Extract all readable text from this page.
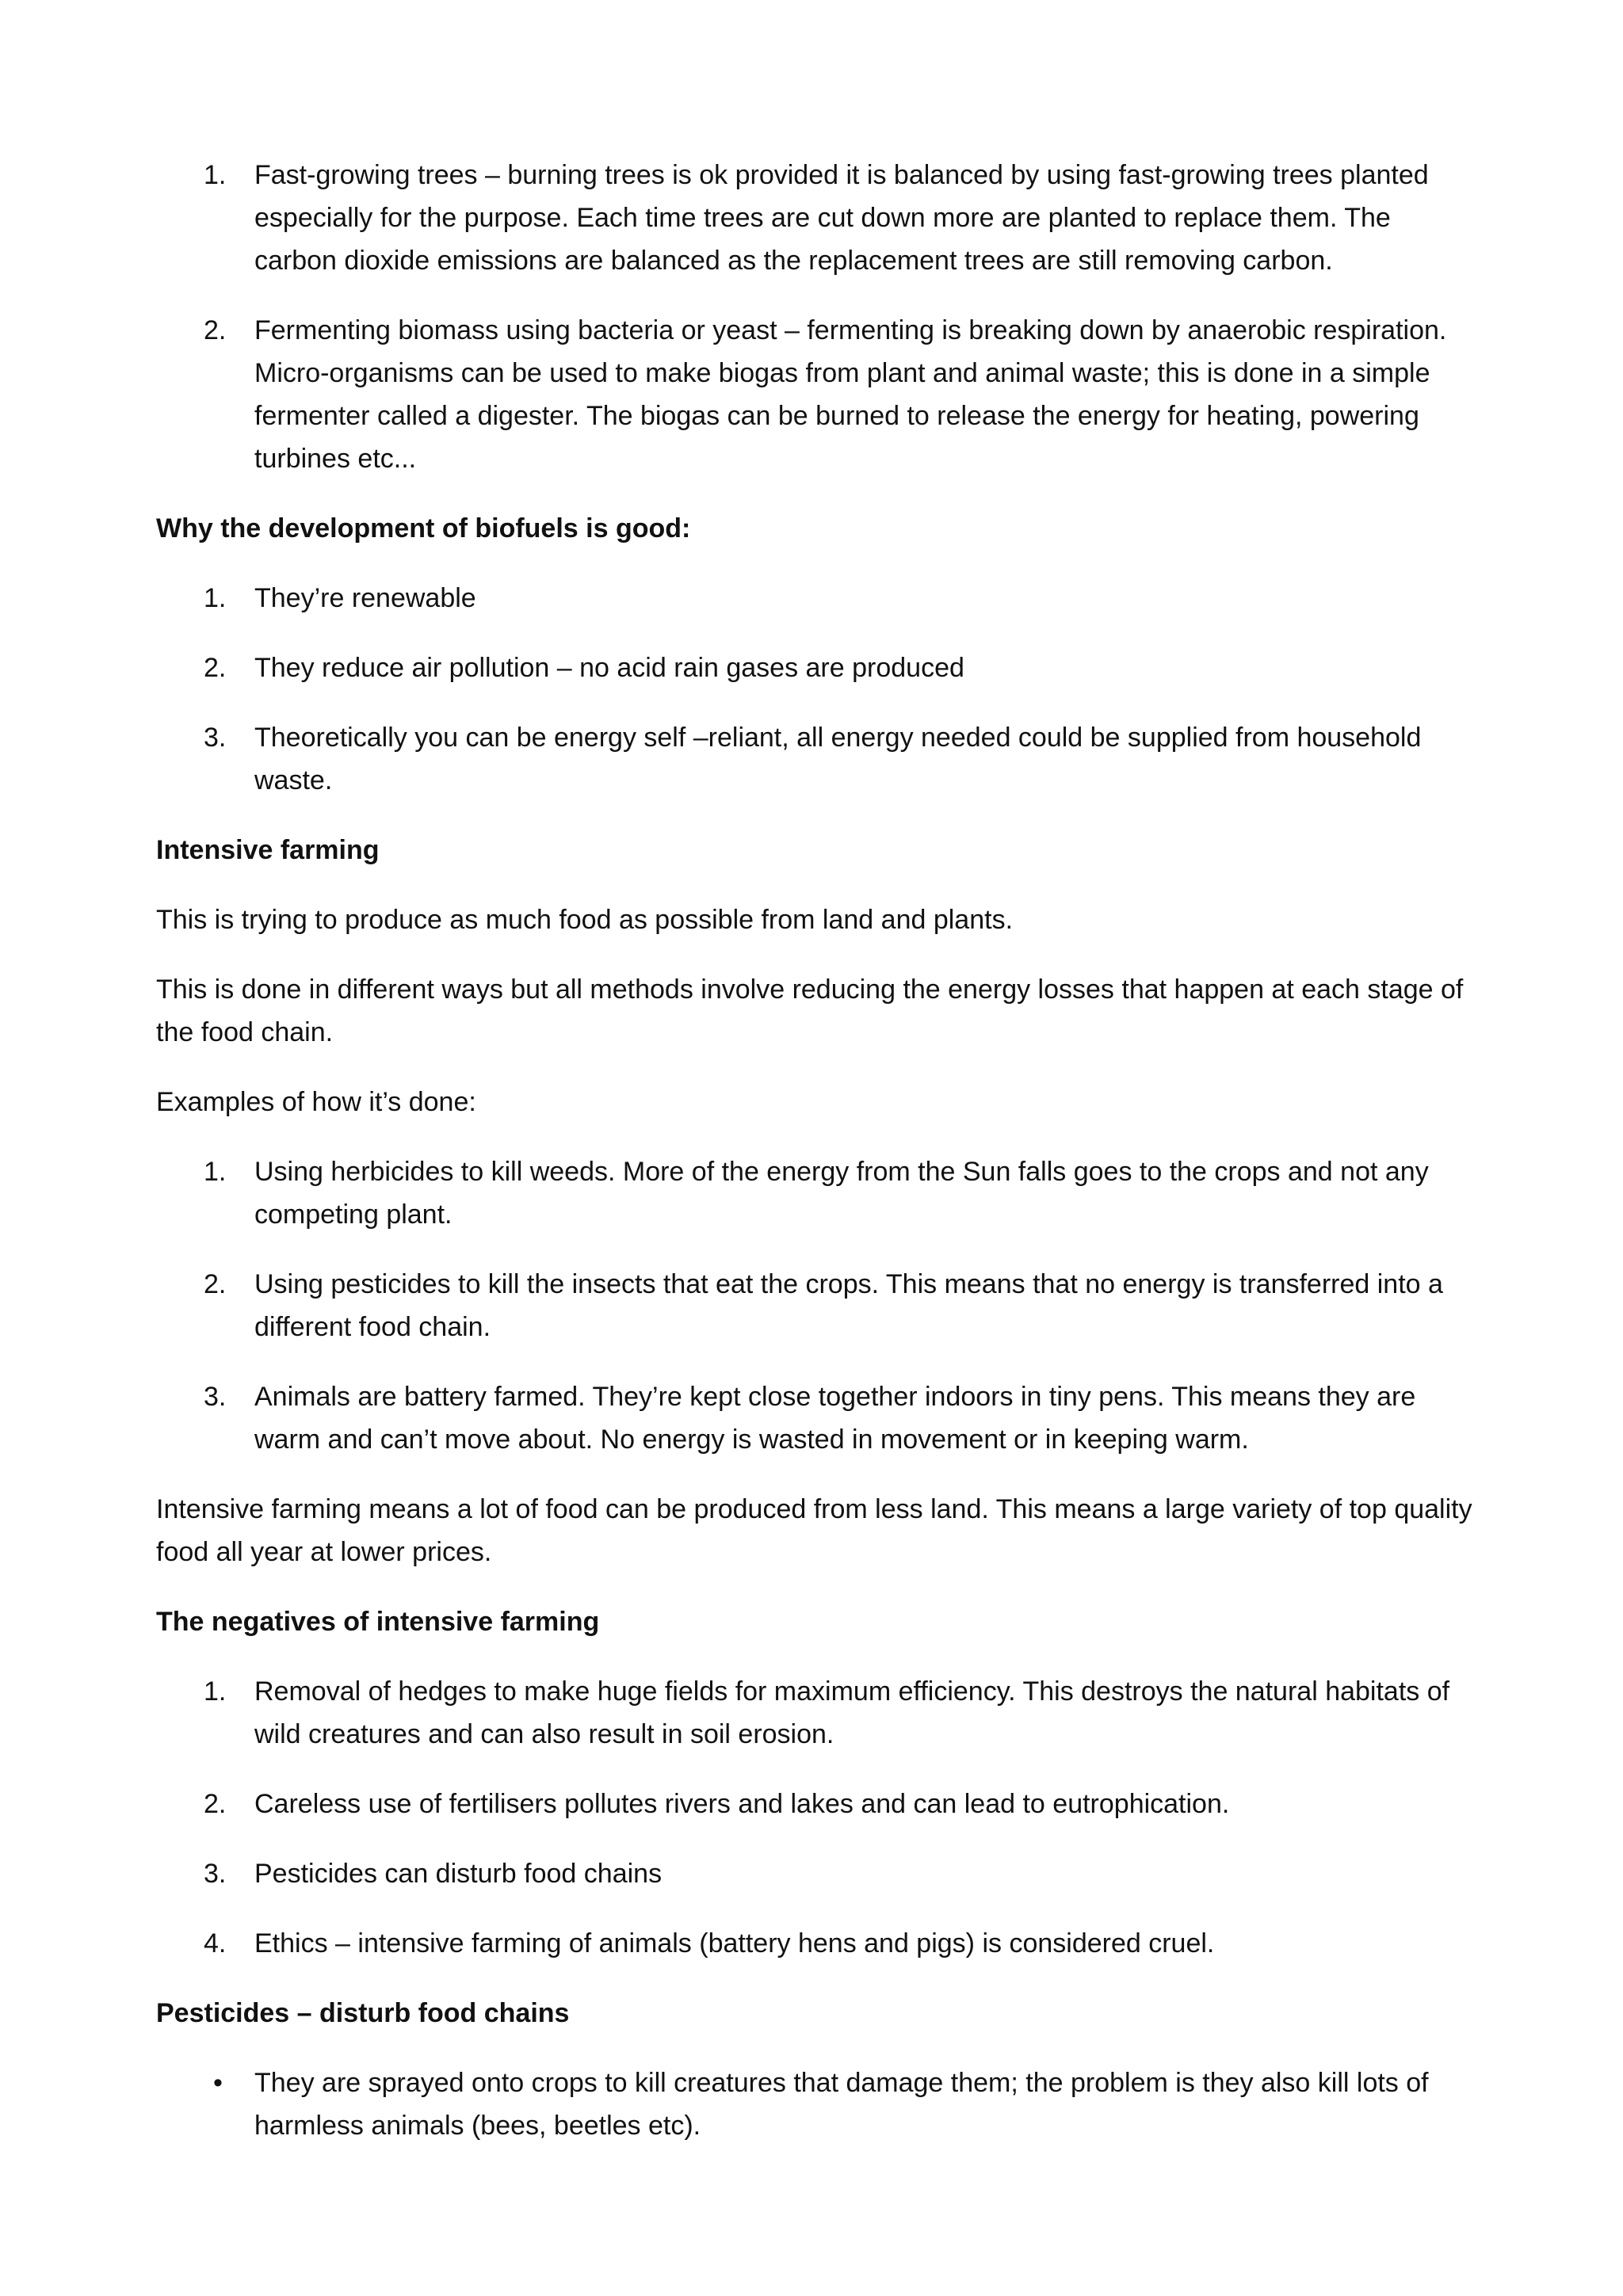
1.	Fast-growing trees – burning trees is ok provided it is balanced by using fast-growing trees planted especially for the purpose. Each time trees are cut down more are planted to replace them. The carbon dioxide emissions are balanced as the replacement trees are still removing carbon.
2.	Fermenting biomass using bacteria or yeast – fermenting is breaking down by anaerobic respiration. Micro-organisms can be used to make biogas from plant and animal waste; this is done in a simple fermenter called a digester. The biogas can be burned to release the energy for heating, powering turbines etc...

Why the development of biofuels is good:

1.	They’re renewable
2.	They reduce air pollution – no acid rain gases are produced
3.	Theoretically you can be energy self –reliant, all energy needed could be supplied from household waste.

Intensive farming

This is trying to produce as much food as possible from land and plants.

This is done in different ways but all methods involve reducing the energy losses that happen at each stage of the food chain.

Examples of how it’s done:

1.	Using herbicides to kill weeds. More of the energy from the Sun falls goes to the crops and not any competing plant.
2.	Using pesticides to kill the insects that eat the crops. This means that no energy is transferred into a different food chain.
3.	Animals are battery farmed. They’re kept close together indoors in tiny pens. This means they are warm and can’t move about. No energy is wasted in movement or in keeping warm.

Intensive farming means a lot of food can be produced from less land. This means a large variety of top quality food all year at lower prices.

The negatives of intensive farming

1.	Removal of hedges to make huge fields for maximum efficiency. This destroys the natural habitats of wild creatures and can also result in soil erosion.
2.	Careless use of fertilisers pollutes rivers and lakes and can lead to eutrophication.
3.	Pesticides can disturb food chains
4.	Ethics – intensive farming of animals (battery hens and pigs) is considered cruel.

Pesticides – disturb food chains

• They are sprayed onto crops to kill creatures that damage them; the problem is they also kill lots of harmless animals (bees, beetles etc).
